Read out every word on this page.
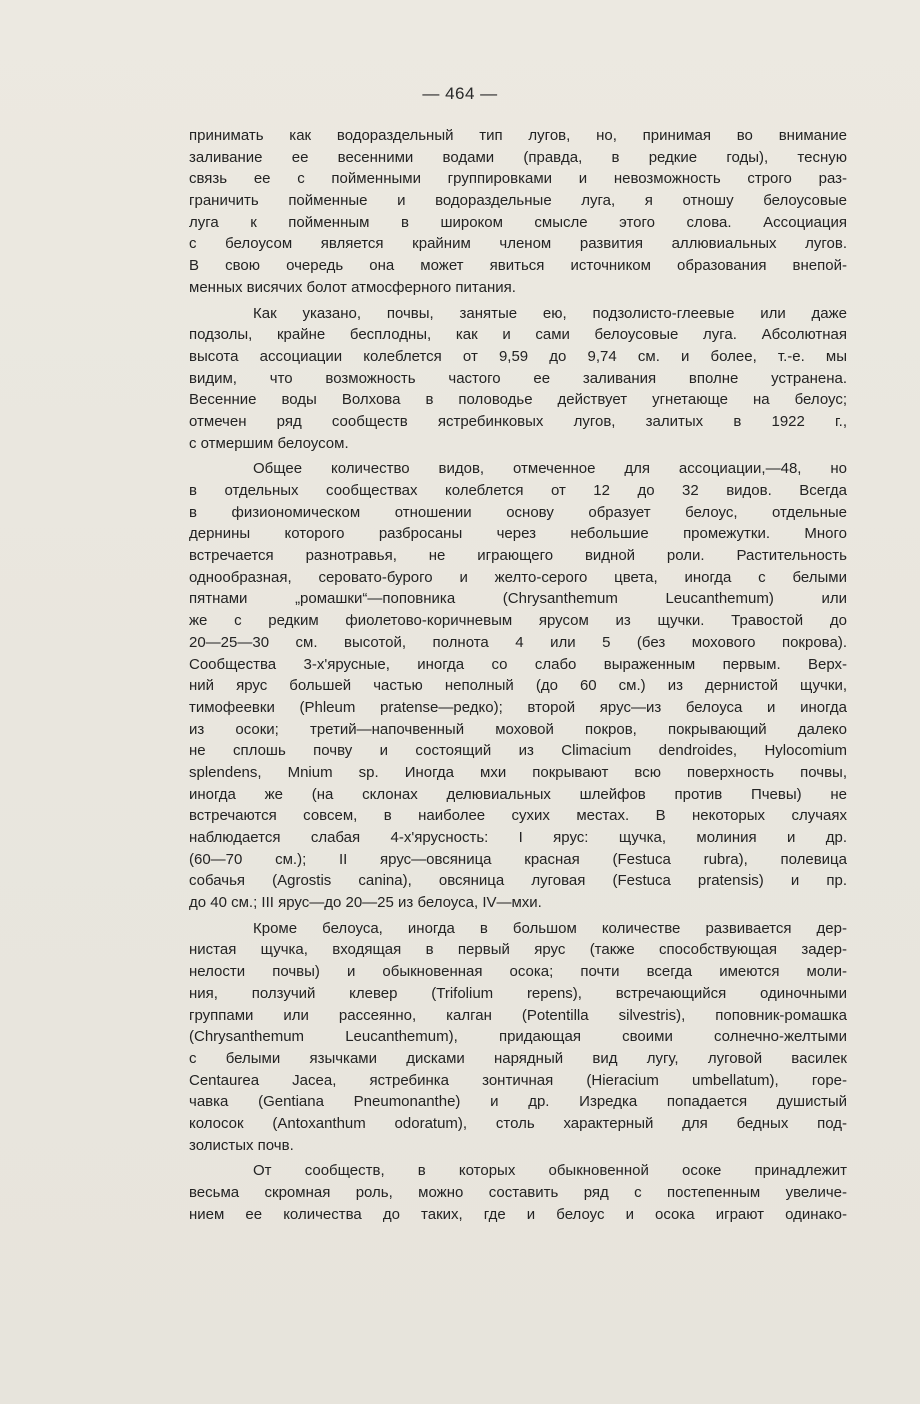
— 464 —
принимать как водораздельный тип лугов, но, принимая во внимание
заливание ее весенними водами (правда, в редкие годы), тесную
связь ее с пойменными группировками и невозможность строго раз-
граничить пойменные и водораздельные луга, я отношу белоусовые
луга к пойменным в широком смысле этого слова. Ассоциация
с белоусом является крайним членом развития аллювиальных лугов.
В свою очередь она может явиться источником образования внепой-
менных висячих болот атмосферного питания.
Как указано, почвы, занятые ею, подзолисто-глеевые или даже
подзолы, крайне бесплодны, как и сами белоусовые луга. Абсолютная
высота ассоциации колеблется от 9,59 до 9,74 см. и более, т.-е. мы
видим, что возможность частого ее заливания вполне устранена.
Весенние воды Волхова в половодье действует угнетающе на белоус;
отмечен ряд сообществ ястребинковых лугов, залитых в 1922 г.,
с отмершим белоусом.
Общее количество видов, отмеченное для ассоциации,—48, но
в отдельных сообществах колеблется от 12 до 32 видов. Всегда
в физиономическом отношении основу образует белоус, отдельные
дернины которого разбросаны через небольшие промежутки. Много
встречается разнотравья, не играющего видной роли. Растительность
однообразная, серовато-бурого и желто-серого цвета, иногда с белыми
пятнами „ромашки“—поповника (Chrysanthemum Leucanthemum) или
же с редким фиолетово-коричневым ярусом из щучки. Травостой до
20—25—30 см. высотой, полнота 4 или 5 (без мохового покрова).
Сообщества 3-х'ярусные, иногда со слабо выраженным первым. Верх-
ний ярус большей частью неполный (до 60 см.) из дернистой щучки,
тимофеевки (Phleum pratense—редко); второй ярус—из белоуса и иногда
из осоки; третий—напочвенный моховой покров, покрывающий далеко
не сплошь почву и состоящий из Climacium dendroides, Hylocomium
splendens, Mnium sp. Иногда мхи покрывают всю поверхность почвы,
иногда же (на склонах делювиальных шлейфов против Пчевы) не
встречаются совсем, в наиболее сухих местах. В некоторых случаях
наблюдается слабая 4-х'ярусность: I ярус: щучка, молиния и др.
(60—70 см.); II ярус—овсяница красная (Festuca rubra), полевица
собачья (Agrostis canina), овсяница луговая (Festuca pratensis) и пр.
до 40 см.; III ярус—до 20—25 из белоуса, IV—мхи.
Кроме белоуса, иногда в большом количестве развивается дер-
нистая щучка, входящая в первый ярус (также способствующая задер-
нелости почвы) и обыкновенная осока; почти всегда имеются моли-
ния, ползучий клевер (Trifolium repens), встречающийся одиночными
группами или рассеянно, калган (Potentilla silvestris), поповник-ромашка
(Chrysanthemum Leucanthemum), придающая своими солнечно-желтыми
с белыми язычками дисками нарядный вид лугу, луговой василек
Centaurea Jacea, ястребинка зонтичная (Hieracium umbellatum), горе-
чавка (Gentiana Pneumonanthe) и др. Изредка попадается душистый
колосок (Antoxanthum odoratum), столь характерный для бедных под-
золистых почв.
От сообществ, в которых обыкновенной осоке принадлежит
весьма скромная роль, можно составить ряд с постепенным увеличе-
нием ее количества до таких, где и белоус и осока играют одинако-
